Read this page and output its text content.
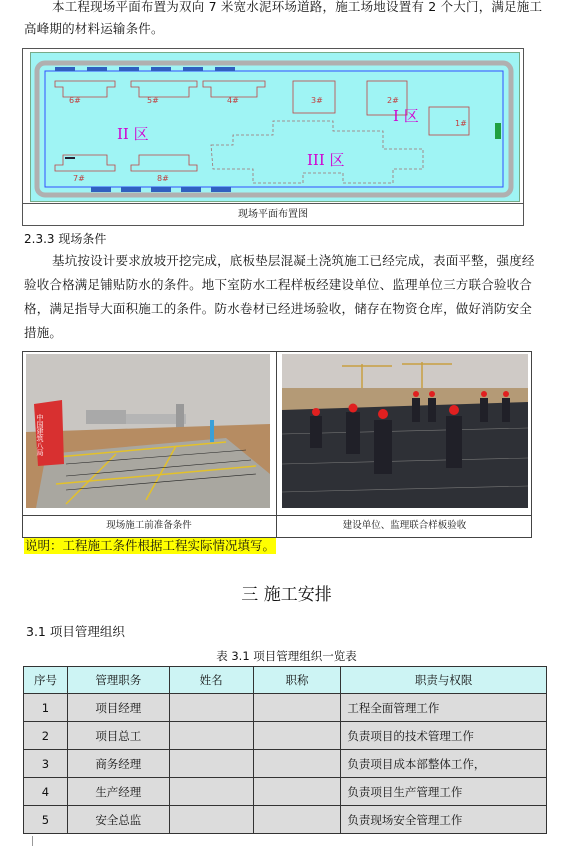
本工程现场平面布置为双向 7 米宽水泥环场道路，施工场地设置有 2 个大门，满足施工
高峰期的材料运输条件。
6#	5#	4#	3#	2#
1#
7#	8#
I 区
II 区
III 区
现场平面布置图
2.3.3 现场条件
基坑按设计要求放坡开挖完成，底板垫层混凝土浇筑施工已经完成，表面平整，强度经
验收合格满足铺贴防水的条件。地下室防水工程样板经建设单位、监理单位三方联合验收合
格，满足指导大面积施工的条件。防水卷材已经进场验收，储存在物资仓库，做好消防安全
措施。
中国建筑八局
现场施工前准备条件	建设单位、监理联合样板验收
说明：工程施工条件根据工程实际情况填写。
三 施工安排
3.1 项目管理组织
表 3.1 项目管理组织一览表
序号	管理职务	姓名	职称	职责与权限
1	项目经理			工程全面管理工作
2	项目总工			负责项目的技术管理工作
3	商务经理			负责项目成本部整体工作，
4	生产经理			负责项目生产管理工作
5	安全总监			负责现场安全管理工作
